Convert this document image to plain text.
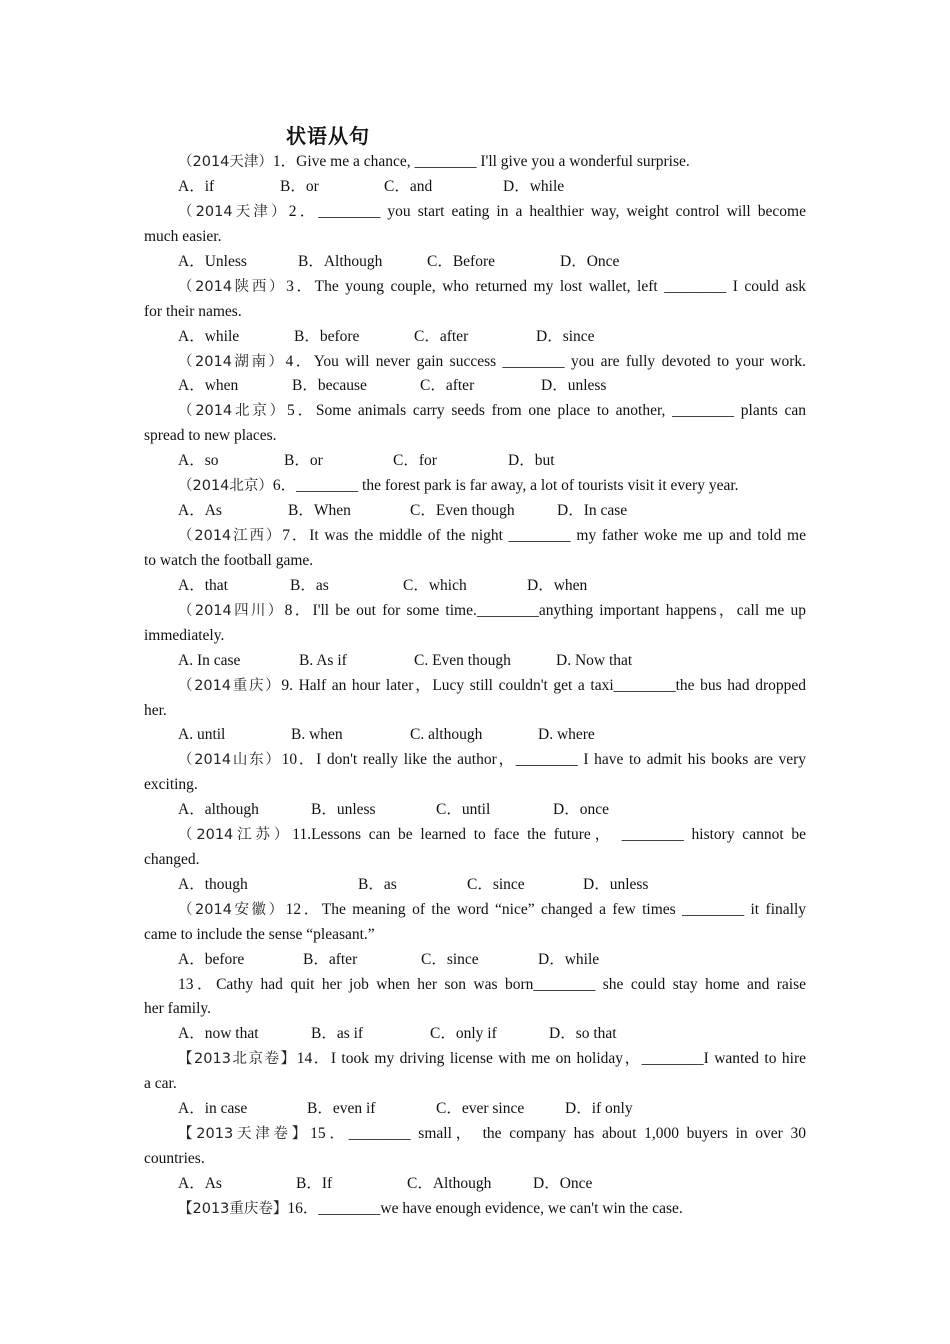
状语从句
（2014天津）1．Give me a chance, ________ I'll give you a wonderful surprise.
A．if	B．or	C．and	D．while
（2014天津）2．________ you start eating in a healthier way, weight control will become
much easier.
A．Unless	B．Although	C．Before	D．Once
（2014陕西）3．The young couple, who returned my lost wallet, left ________ I could ask
for their names.
A．while	B．before	C．after	D．since
（2014湖南）4．You will never gain success ________ you are fully devoted to your work.
A．when	B．because	C．after	D．unless
（2014北京）5．Some animals carry seeds from one place to another, ________ plants can
spread to new places.
A．so	B．or	C．for	D．but
（2014北京）6．________ the forest park is far away, a lot of tourists visit it every year.
A．As	B．When	C．Even though	D．In case
（2014江西）7．It was the middle of the night ________ my father woke me up and told me
to watch the football game.
A．that	B．as	C．which	D．when
（2014四川）8．I'll be out for some time.________anything important happens，call me up
immediately.
A. In case	B. As if	C. Even though	D. Now that
（2014重庆）9. Half an hour later，Lucy still couldn't get a taxi________the bus had dropped
her.
A. until	B. when	C. although	D. where
（2014山东）10．I don't really like the author，________ I have to admit his books are very
exciting.
A．although	B．unless	C．until	D．once
（2014江苏）11.Lessons can be learned to face the future， ________ history cannot be
changed.
A．though	B．as	C．since	D．unless
（2014安徽）12．The meaning of the word “nice” changed a few times ________ it finally
came to include the sense “pleasant.”
A．before	B．after	C．since	D．while
13．Cathy had quit her job when her son was born________ she could stay home and raise
her family.
A．now that	B．as if	C．only if	D．so that
【2013北京卷】14．I took my driving license with me on holiday，________I wanted to hire
a car.
A．in case	B．even if	C．ever since	D．if only
【2013天津卷】15．________ small， the company has about 1,000 buyers in over 30
countries.
A．As	B．If	C．Although	D．Once
【2013重庆卷】16．________we have enough evidence, we can't win the case.
